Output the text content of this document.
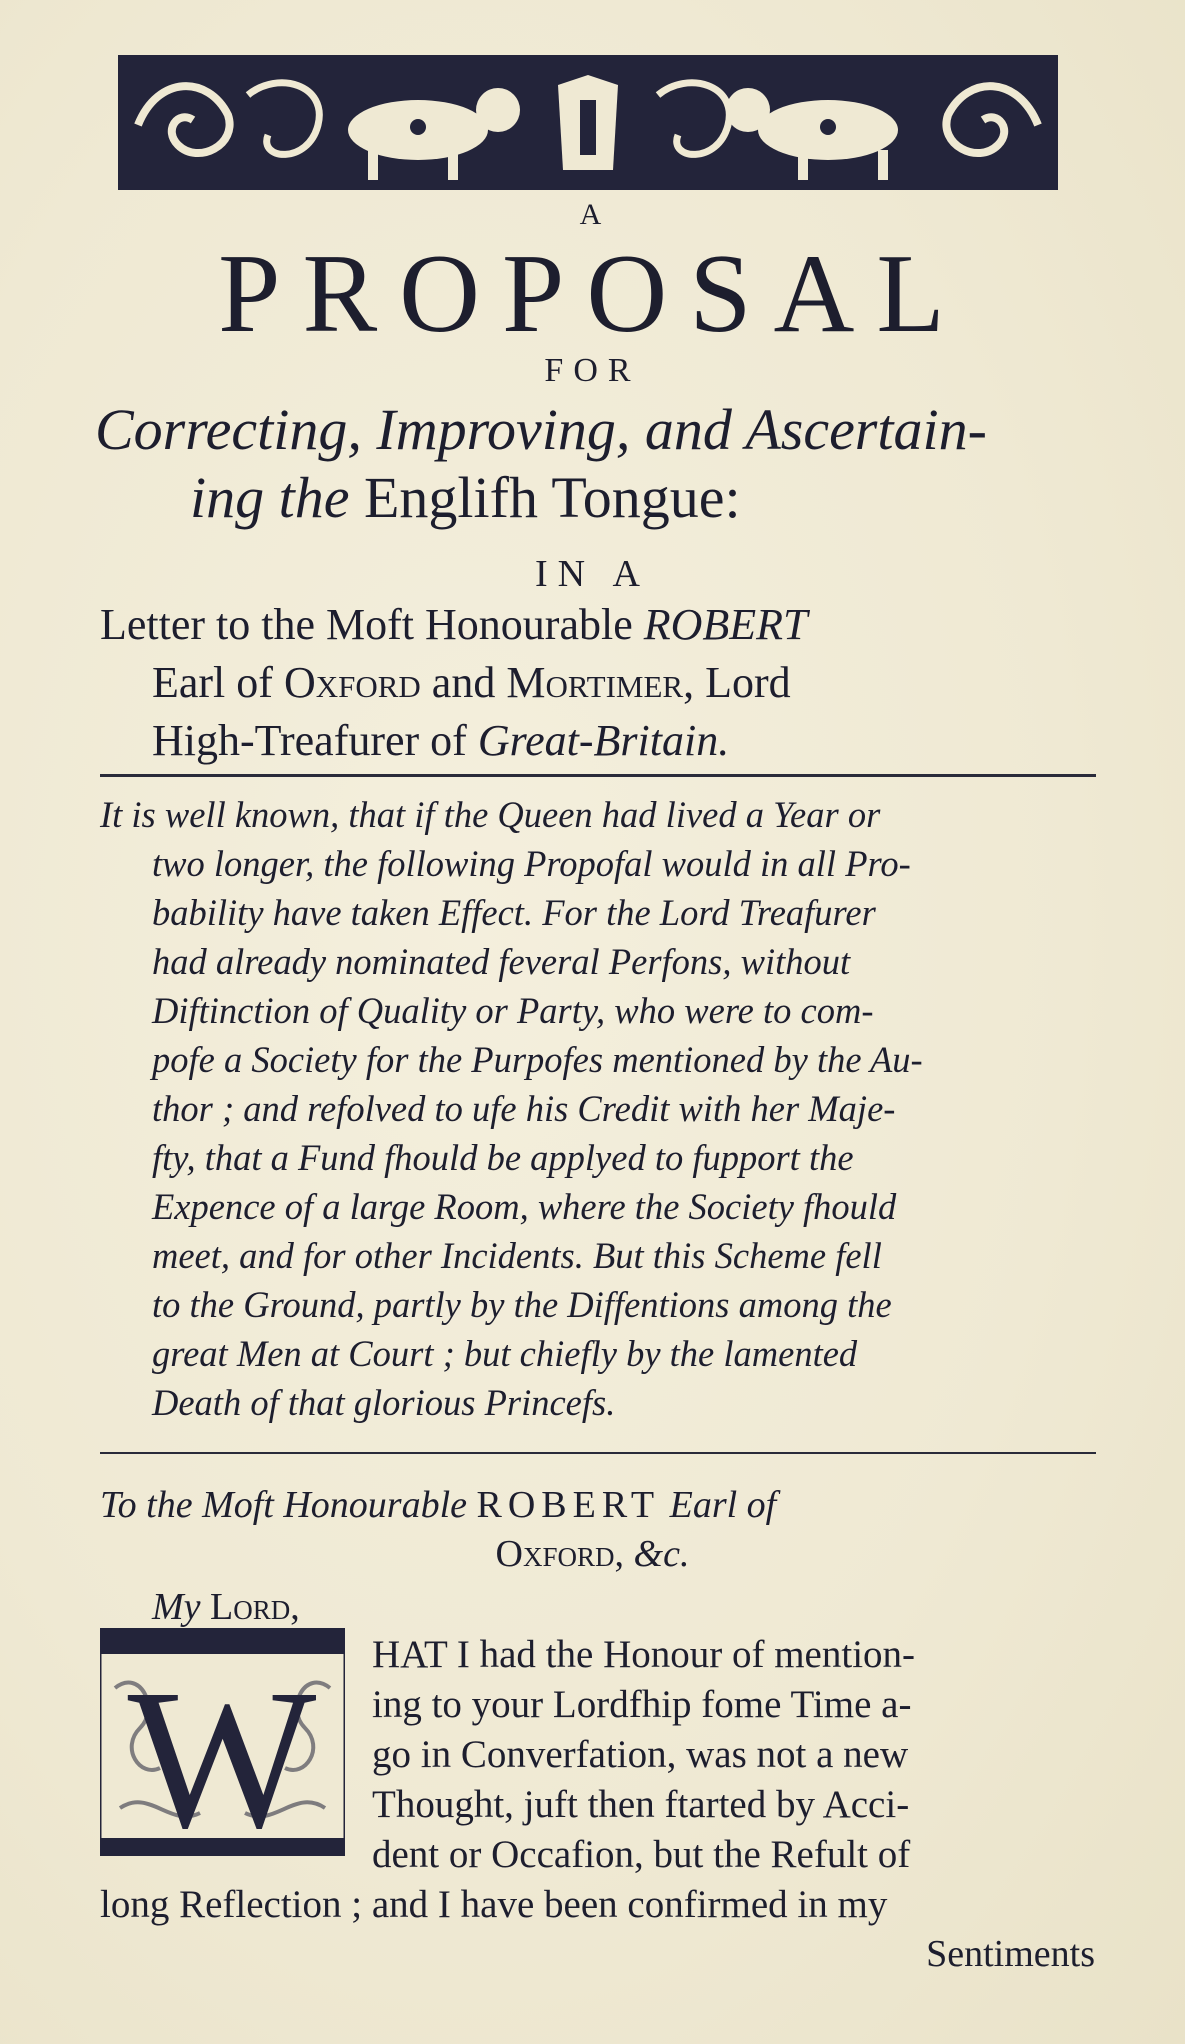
A
PROPOSAL
FOR
Correcting, Improving, and Ascertain-
ing the Englifh Tongue:
IN A
Letter to the Moft Honourable ROBERT
Earl of Oxford and Mortimer, Lord
High-Treafurer of Great-Britain.
It is well known, that if the Queen had lived a Year or
two longer, the following Propofal would in all Pro-
bability have taken Effect. For the Lord Treafurer
had already nominated feveral Perfons, without
Diftinction of Quality or Party, who were to com-
pofe a Society for the Purpofes mentioned by the Au-
thor ; and refolved to ufe his Credit with her Maje-
fty, that a Fund fhould be applyed to fupport the
Expence of a large Room, where the Society fhould
meet, and for other Incidents. But this Scheme fell
to the Ground, partly by the Diffentions among the
great Men at Court ; but chiefly by the lamented
Death of that glorious Princefs.
To the Moft Honourable ROBERT Earl of
Oxford, &c.
My Lord,
W HAT I had the Honour of mention-
ing to your Lordfhip fome Time a-
go in Converfation, was not a new
Thought, juft then ftarted by Acci-
dent or Occafion, but the Refult of
long Reflection ; and I have been confirmed in my
Sentiments
